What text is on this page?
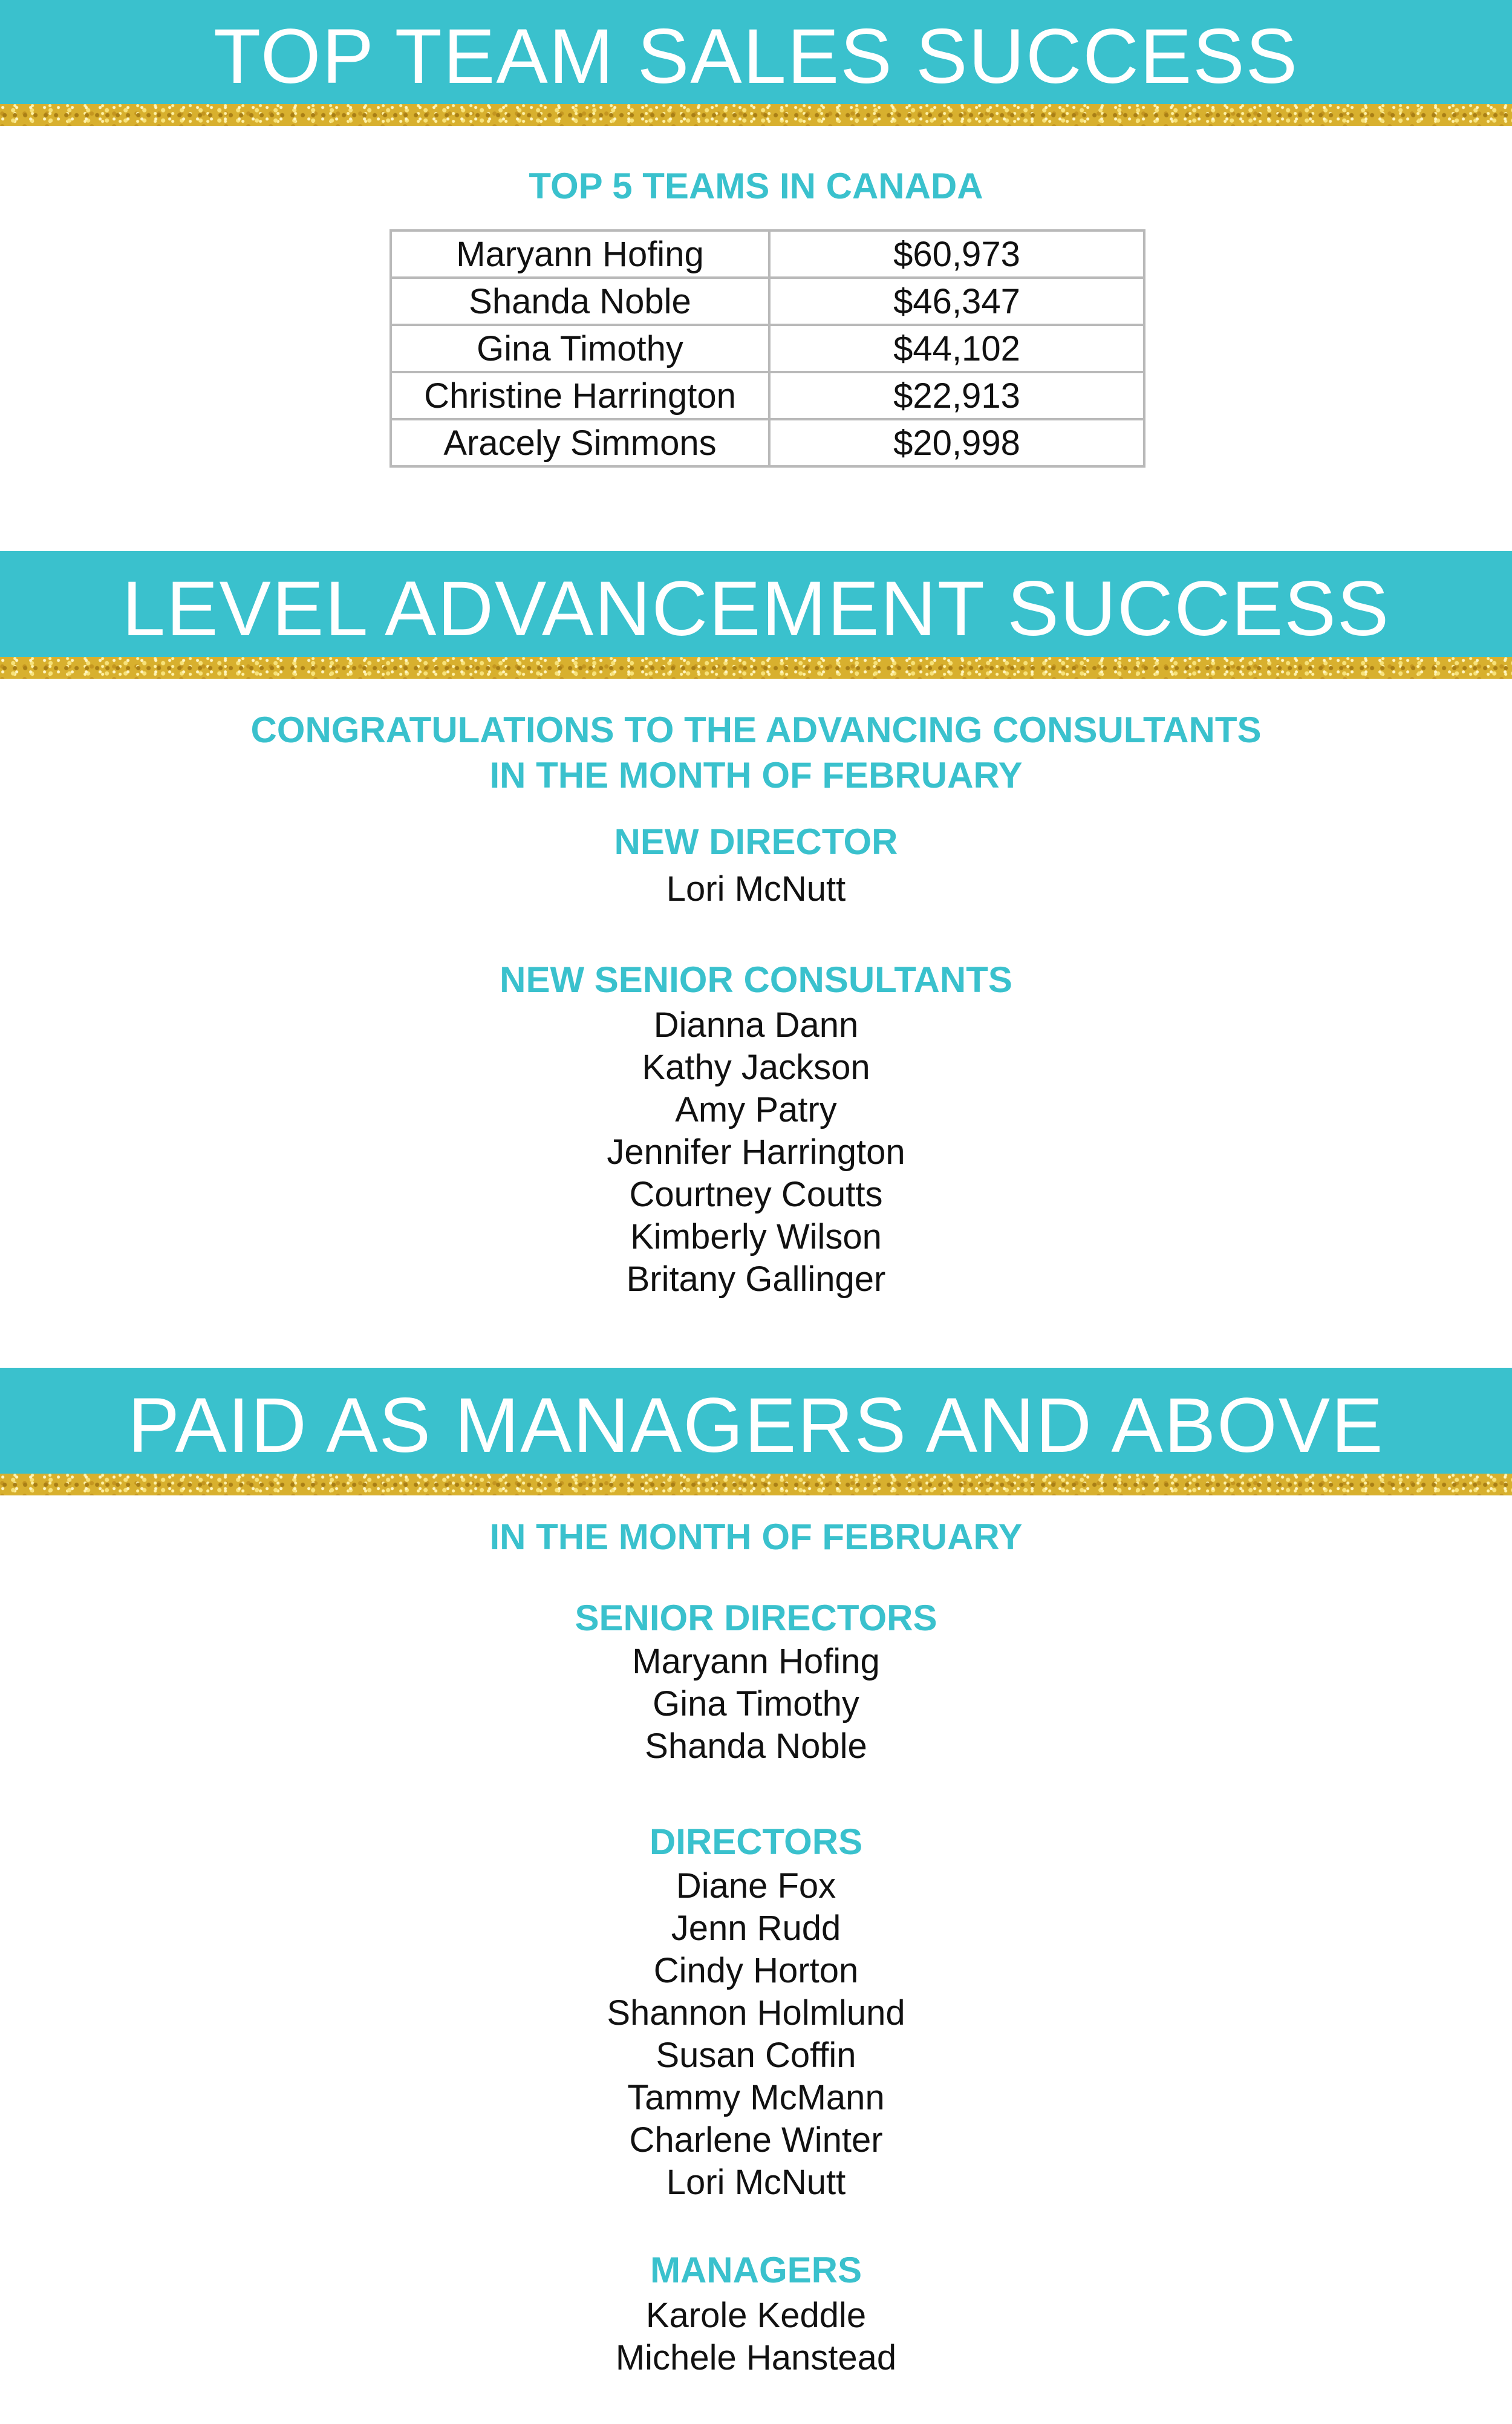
TOP TEAM SALES SUCCESS
TOP 5 TEAMS IN CANADA
Maryann Hofing	$60,973
Shanda Noble	$46,347
Gina Timothy	$44,102
Christine Harrington	$22,913
Aracely Simmons	$20,998
LEVEL ADVANCEMENT SUCCESS
CONGRATULATIONS TO THE ADVANCING CONSULTANTS
IN THE MONTH OF FEBRUARY
NEW DIRECTOR
Lori McNutt
NEW SENIOR CONSULTANTS
Dianna Dann
Kathy Jackson
Amy Patry
Jennifer Harrington
Courtney Coutts
Kimberly Wilson
Britany Gallinger
PAID AS MANAGERS AND ABOVE
IN THE MONTH OF FEBRUARY
SENIOR DIRECTORS
Maryann Hofing
Gina Timothy
Shanda Noble
DIRECTORS
Diane Fox
Jenn Rudd
Cindy Horton
Shannon Holmlund
Susan Coffin
Tammy McMann
Charlene Winter
Lori McNutt
MANAGERS
Karole Keddle
Michele Hanstead
